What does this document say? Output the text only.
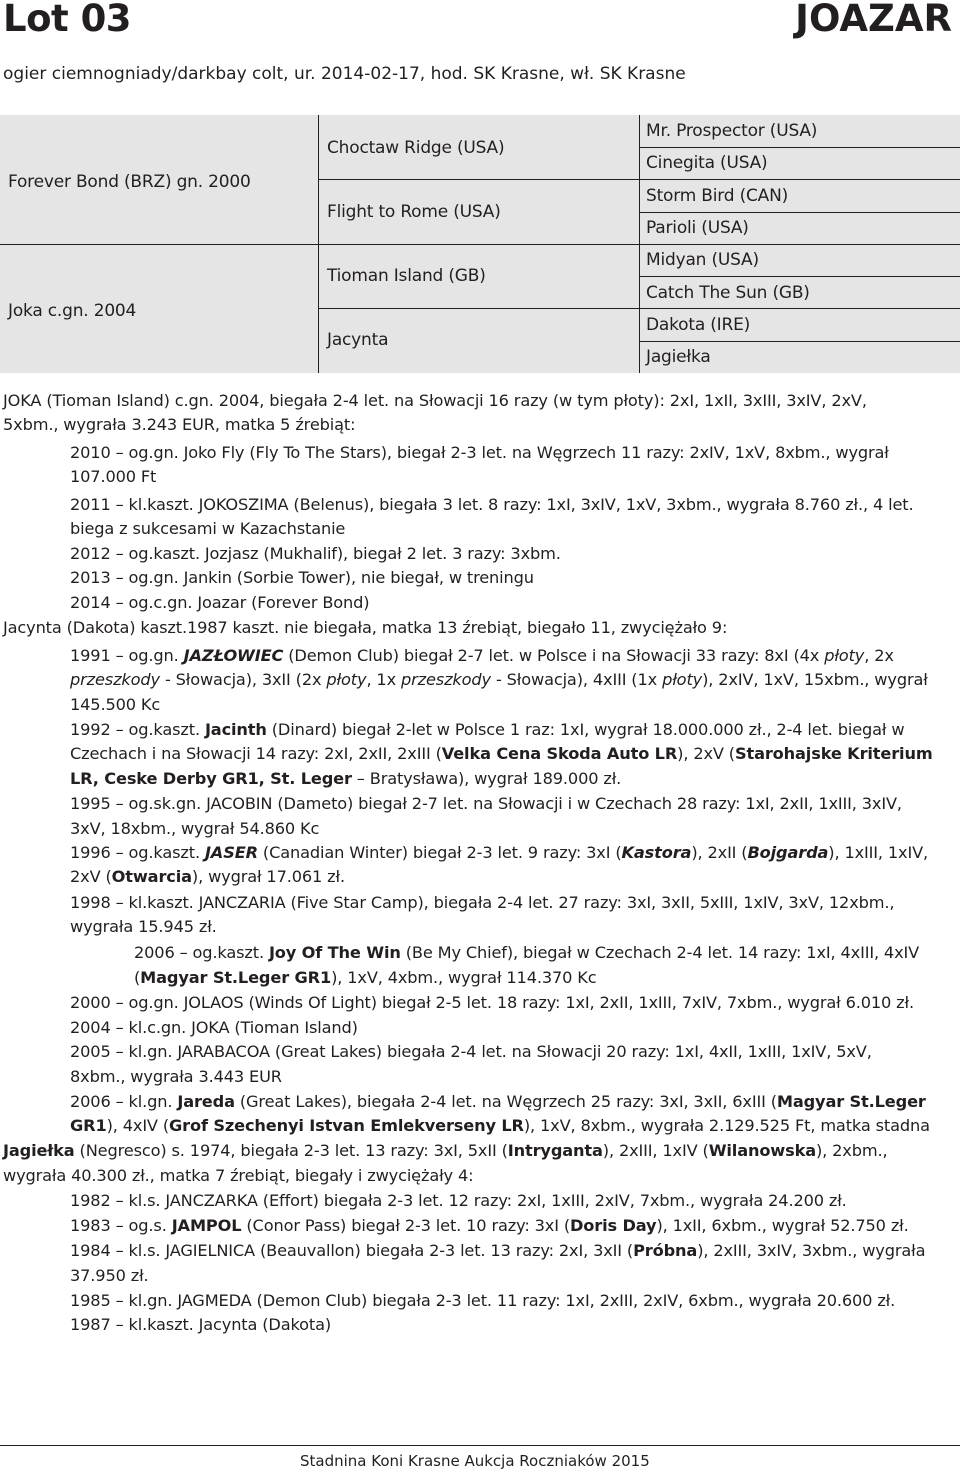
Lot 03	JOAZAR
ogier ciemnogniady/darkbay colt, ur. 2014-02-17, hod. SK Krasne, wł. SK Krasne
Forever Bond (BRZ) gn. 2000
Joka c.gn. 2004
Choctaw Ridge (USA)
Flight to Rome (USA)
Tioman Island (GB)
Jacynta
Mr. Prospector (USA)
Cinegita (USA)
Storm Bird (CAN)
Parioli (USA)
Midyan (USA)
Catch The Sun (GB)
Dakota (IRE)
Jagiełka
JOKA (Tioman Island) c.gn. 2004, biegała 2-4 let. na Słowacji 16 razy (w tym płoty): 2xI, 1xII, 3xIII, 3xIV, 2xV,
5xbm., wygrała 3.243 EUR, matka 5 źrebiąt:
2010 – og.gn. Joko Fly (Fly To The Stars), biegał 2-3 let. na Węgrzech 11 razy: 2xIV, 1xV, 8xbm., wygrał
107.000 Ft
2011 – kl.kaszt. JOKOSZIMA (Belenus), biegała 3 let. 8 razy: 1xI, 3xIV, 1xV, 3xbm., wygrała 8.760 zł., 4 let.
biega z sukcesami w Kazachstanie
2012 – og.kaszt. Jozjasz (Mukhalif), biegał 2 let. 3 razy: 3xbm.
2013 – og.gn. Jankin (Sorbie Tower), nie biegał, w treningu
2014 – og.c.gn. Joazar (Forever Bond)
Jacynta (Dakota) kaszt.1987 kaszt. nie biegała, matka 13 źrebiąt, biegało 11, zwyciężało 9:
1991 – og.gn. JAZŁOWIEC (Demon Club) biegał 2-7 let. w Polsce i na Słowacji 33 razy: 8xI (4x płoty, 2x
przeszkody - Słowacja), 3xII (2x płoty, 1x przeszkody - Słowacja), 4xIII (1x płoty), 2xIV, 1xV, 15xbm., wygrał
145.500 Kc
1992 – og.kaszt. Jacinth (Dinard) biegał 2-let w Polsce 1 raz: 1xI, wygrał 18.000.000 zł., 2-4 let. biegał w
Czechach i na Słowacji 14 razy: 2xI, 2xII, 2xIII (Velka Cena Skoda Auto LR), 2xV (Starohajske Kriterium
LR, Ceske Derby GR1, St. Leger – Bratysława), wygrał 189.000 zł.
1995 – og.sk.gn. JACOBIN (Dameto) biegał 2-7 let. na Słowacji i w Czechach 28 razy: 1xI, 2xII, 1xIII, 3xIV,
3xV, 18xbm., wygrał 54.860 Kc
1996 – og.kaszt. JASER (Canadian Winter) biegał 2-3 let. 9 razy: 3xI (Kastora), 2xII (Bojgarda), 1xIII, 1xIV,
2xV (Otwarcia), wygrał 17.061 zł.
1998 – kl.kaszt. JANCZARIA (Five Star Camp), biegała 2-4 let. 27 razy: 3xI, 3xII, 5xIII, 1xIV, 3xV, 12xbm.,
wygrała 15.945 zł.
2006 – og.kaszt. Joy Of The Win (Be My Chief), biegał w Czechach 2-4 let. 14 razy: 1xI, 4xIII, 4xIV
(Magyar St.Leger GR1), 1xV, 4xbm., wygrał 114.370 Kc
2000 – og.gn. JOLAOS (Winds Of Light) biegał 2-5 let. 18 razy: 1xI, 2xII, 1xIII, 7xIV, 7xbm., wygrał 6.010 zł.
2004 – kl.c.gn. JOKA (Tioman Island)
2005 – kl.gn. JARABACOA (Great Lakes) biegała 2-4 let. na Słowacji 20 razy: 1xI, 4xII, 1xIII, 1xIV, 5xV,
8xbm., wygrała 3.443 EUR
2006 – kl.gn. Jareda (Great Lakes), biegała 2-4 let. na Węgrzech 25 razy: 3xI, 3xII, 6xIII (Magyar St.Leger
GR1), 4xIV (Grof Szechenyi Istvan Emlekverseny LR), 1xV, 8xbm., wygrała 2.129.525 Ft, matka stadna
Jagiełka (Negresco) s. 1974, biegała 2-3 let. 13 razy: 3xI, 5xII (Intryganta), 2xIII, 1xIV (Wilanowska), 2xbm.,
wygrała 40.300 zł., matka 7 źrebiąt, biegały i zwyciężały 4:
1982 – kl.s. JANCZARKA (Effort) biegała 2-3 let. 12 razy: 2xI, 1xIII, 2xIV, 7xbm., wygrała 24.200 zł.
1983 – og.s. JAMPOL (Conor Pass) biegał 2-3 let. 10 razy: 3xI (Doris Day), 1xII, 6xbm., wygrał 52.750 zł.
1984 – kl.s. JAGIELNICA (Beauvallon) biegała 2-3 let. 13 razy: 2xI, 3xII (Próbna), 2xIII, 3xIV, 3xbm., wygrała
37.950 zł.
1985 – kl.gn. JAGMEDA (Demon Club) biegała 2-3 let. 11 razy: 1xI, 2xIII, 2xIV, 6xbm., wygrała 20.600 zł.
1987 – kl.kaszt. Jacynta (Dakota)
Stadnina Koni Krasne Aukcja Roczniaków 2015
